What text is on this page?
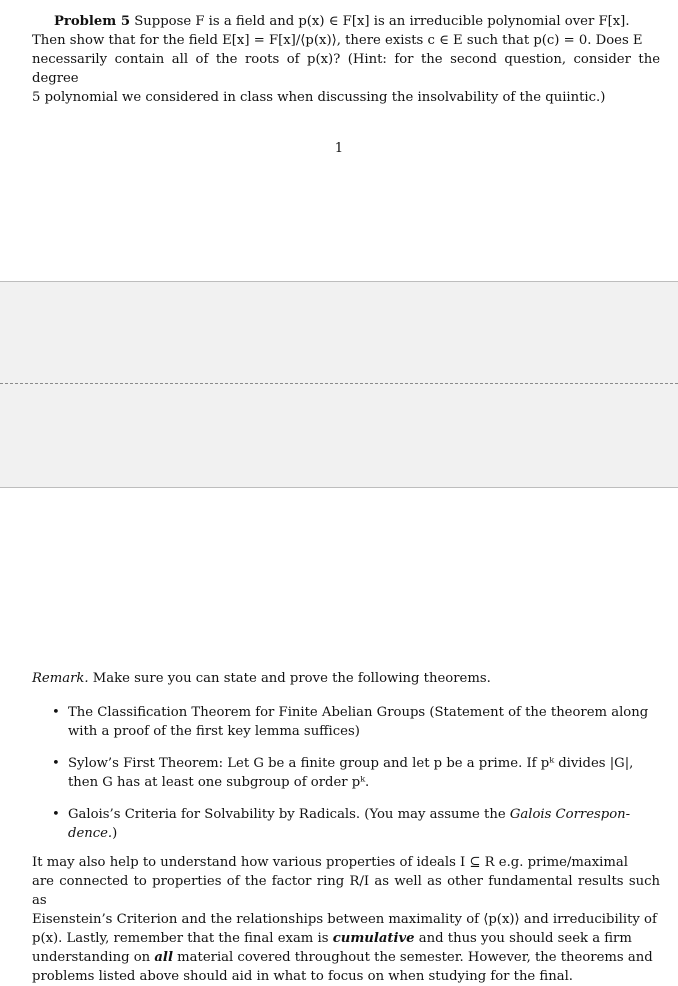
Problem 5 Suppose F is a field and p(x) ∈ F[x] is an irreducible polynomial over F[x].
Then show that for the field E[x] = F[x]/⟨p(x)⟩, there exists c ∈ E such that p(c) = 0. Does E
necessarily contain all of the roots of p(x)? (Hint: for the second question, consider the degree
5 polynomial we considered in class when discussing the insolvability of the quiintic.)
1
Remark. Make sure you can state and prove the following theorems.
• The Classification Theorem for Finite Abelian Groups (Statement of the theorem along
with a proof of the first key lemma suffices)
• Sylow’s First Theorem: Let G be a finite group and let p be a prime. If pᵏ divides |G|,
then G has at least one subgroup of order pᵏ.
• Galois’s Criteria for Solvability by Radicals. (You may assume the Galois Correspon-
dence.)
It may also help to understand how various properties of ideals I ⊆ R e.g. prime/maximal
are connected to properties of the factor ring R/I as well as other fundamental results such as
Eisenstein’s Criterion and the relationships between maximality of ⟨p(x)⟩ and irreducibility of
p(x). Lastly, remember that the final exam is cumulative and thus you should seek a firm
understanding on all material covered throughout the semester. However, the theorems and
problems listed above should aid in what to focus on when studying for the final.
